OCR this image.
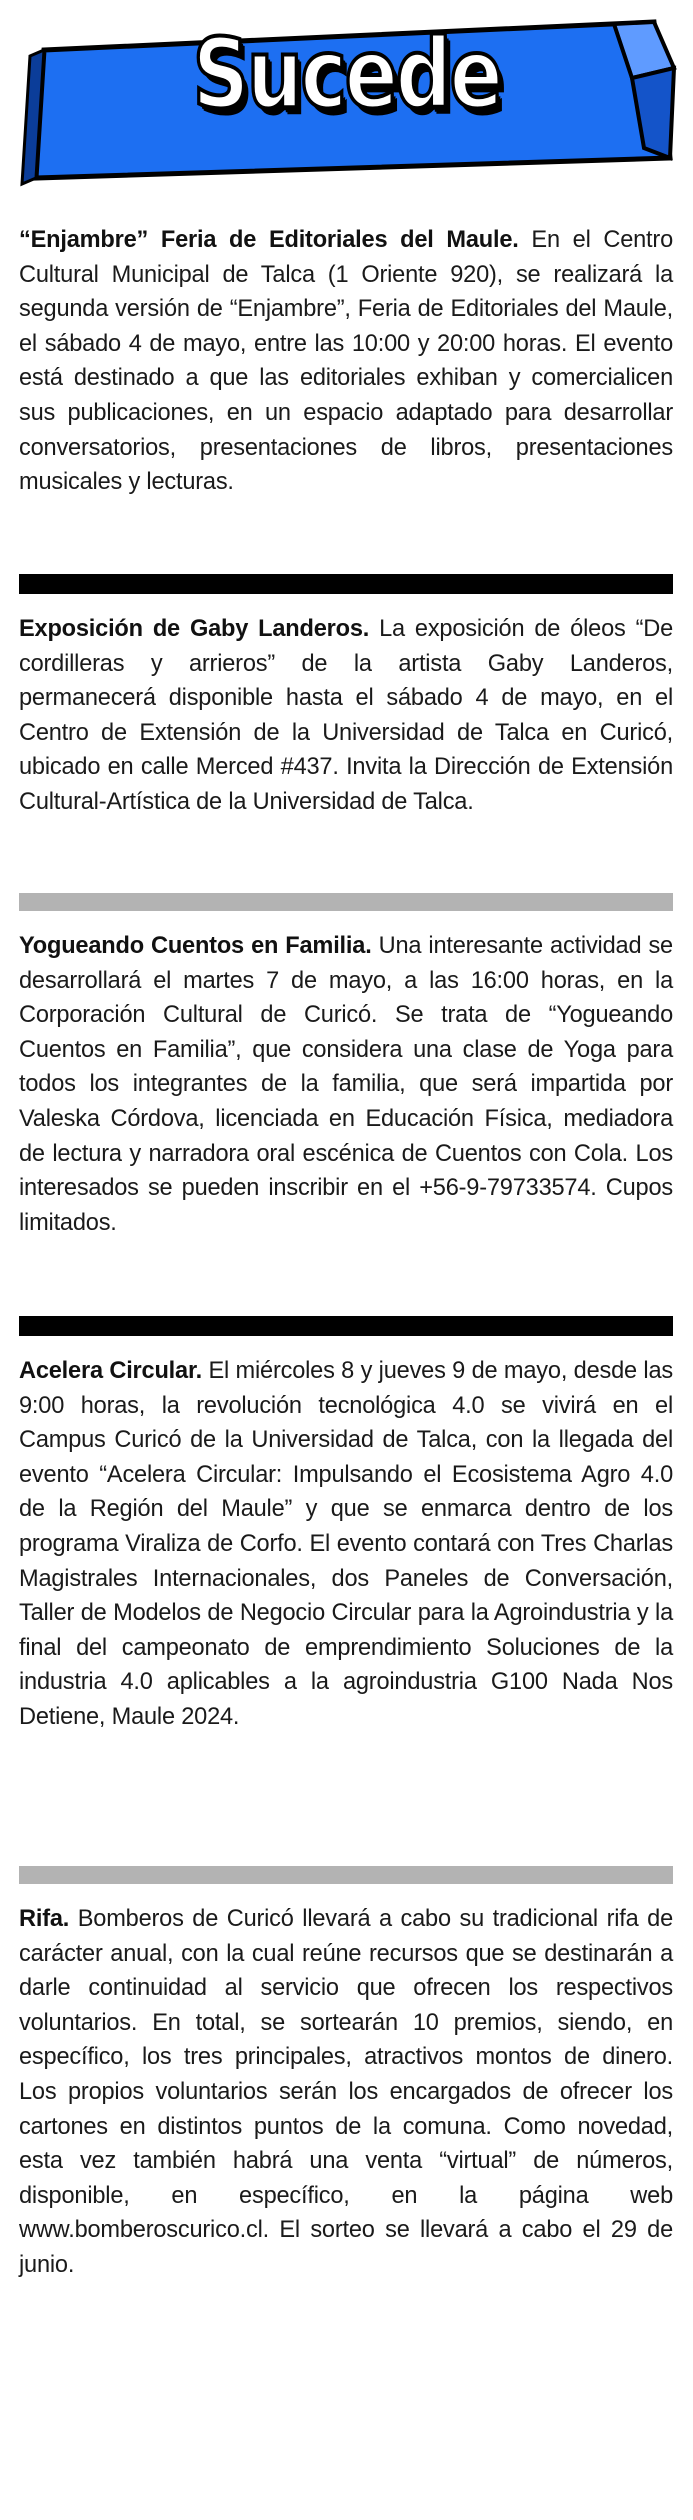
Sucede

“Enjambre” Feria de Editoriales del Maule. En el Centro Cultural Municipal de Talca (1 Oriente 920), se realizará la segunda versión de “Enjambre”, Feria de Editoriales del Maule, el sábado 4 de mayo, entre las 10:00 y 20:00 horas. El evento está destinado a que las editoriales exhiban y comercialicen sus publicaciones, en un espacio adaptado para desarrollar conversatorios, presentaciones de libros, presentaciones musicales y lecturas.

Exposición de Gaby Landeros. La exposición de óleos “De cordilleras y arrieros” de la artista Gaby Landeros, permanecerá disponible hasta el sábado 4 de mayo, en el Centro de Extensión de la Universidad de Talca en Curicó, ubicado en calle Merced #437. Invita la Dirección de Extensión Cultural-Artística de la Universidad de Talca.

Yogueando Cuentos en Familia. Una interesante actividad se desarrollará el martes 7 de mayo, a las 16:00 horas, en la Corporación Cultural de Curicó. Se trata de “Yogueando Cuentos en Familia”, que considera una clase de Yoga para todos los integrantes de la familia, que será impartida por Valeska Córdova, licenciada en Educación Física, mediadora de lectura y narradora oral escénica de Cuentos con Cola. Los interesados se pueden inscribir en el +56-9-79733574. Cupos limitados.

Acelera Circular. El miércoles 8 y jueves 9 de mayo, desde las 9:00 horas, la revolución tecnológica 4.0 se vivirá en el Campus Curicó de la Universidad de Talca, con la llegada del evento “Acelera Circular: Impulsando el Ecosistema Agro 4.0 de la Región del Maule” y que se enmarca dentro de los programa Viraliza de Corfo. El evento contará con Tres Charlas Magistrales Internacionales, dos Paneles de Conversación, Taller de Modelos de Negocio Circular para la Agroindustria y la final del campeonato de emprendimiento Soluciones de la industria 4.0 aplicables a la agroindustria G100 Nada Nos Detiene, Maule 2024.

Rifa. Bomberos de Curicó llevará a cabo su tradicional rifa de carácter anual, con la cual reúne recursos que se destinarán a darle continuidad al servicio que ofrecen los respectivos voluntarios. En total, se sortearán 10 premios, siendo, en específico, los tres principales, atractivos montos de dinero. Los propios voluntarios serán los encargados de ofrecer los cartones en distintos puntos de la comuna. Como novedad, esta vez también habrá una venta “virtual” de números, disponible, en específico, en la página web www.bomberoscurico.cl. El sorteo se llevará a cabo el 29 de junio.
